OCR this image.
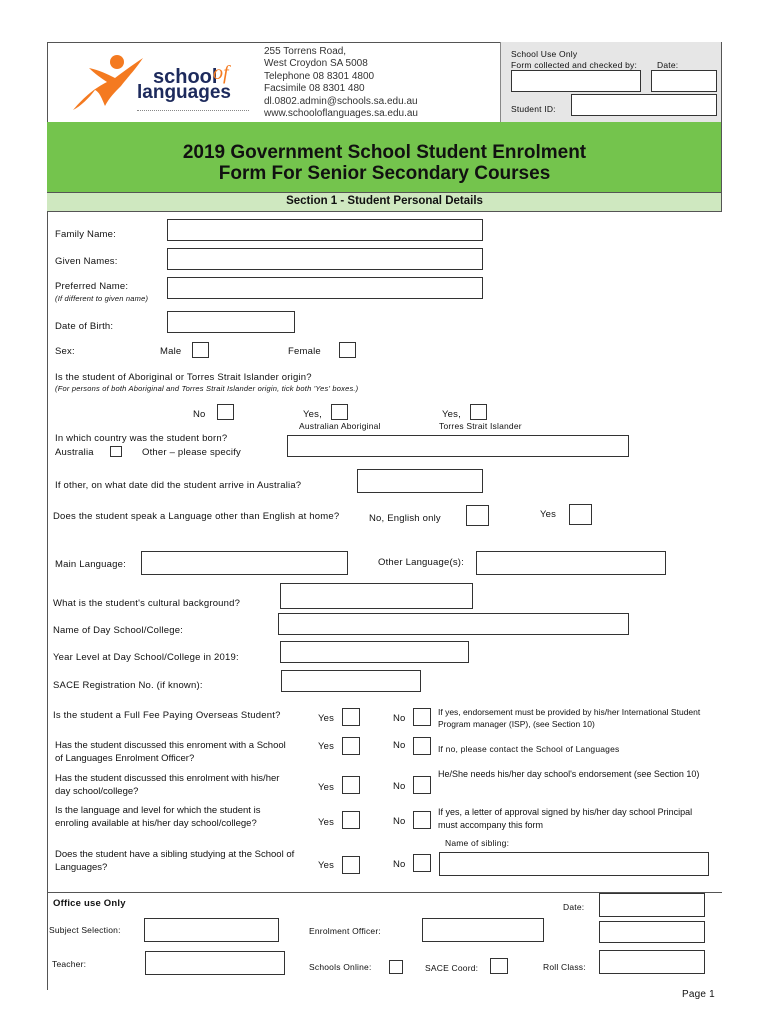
school
of
languages
255 Torrens Road,
West Croydon SA 5008
Telephone 08 8301 4800
Facsimile 08 8301 480
dl.0802.admin@schools.sa.edu.au
www.schooloflanguages.sa.edu.au
School Use Only
Form collected and checked by: Date:
Student ID:
2019 Government School Student Enrolment
Form For Senior Secondary Courses
Section 1 - Student Personal Details
Family Name:
Given Names:
Preferred Name:
(If different to given name)
Date of Birth:
Sex:	Male	Female
Is the student of Aboriginal or Torres Strait Islander origin?
(For persons of both Aboriginal and Torres Strait Islander origin, tick both 'Yes' boxes.)
No	Yes,
Australian Aboriginal
Yes,
Torres Strait Islander
In which country was the student born?
Australia	Other – please specify
If other, on what date did the student arrive in Australia?
Does the student speak a Language other than English at home?	No, English only	Yes
Main Language:	Other Language(s):
What is the student's cultural background?
Name of Day School/College:
Year Level at Day School/College in 2019:
SACE Registration No. (if known):
Is the student a Full Fee Paying Overseas Student?	Yes	No
If yes, endorsement must be provided by his/her International Student Program manager (ISP), (see Section 10)
Has the student discussed this enroment with a School of Languages Enrolment Officer?
Yes	No	If no, please contact the School of Languages
Has the student discussed this enrolment with his/her day school/college?	Yes	No
He/She needs his/her day school's endorsement (see Section 10)
Is the language and level for which the student is enroling available at his/her day school/college?	Yes	No
If yes, a letter of approval signed by his/her day school Principal must accompany this form
Does the student have a sibling studying at the School of Languages?	Yes	No
Name of sibling:
Office use Only	Date:
Subject Selection:	Enrolment Officer:
Teacher:	Schools Online:	SACE Coord:	Roll Class:
Page 1
